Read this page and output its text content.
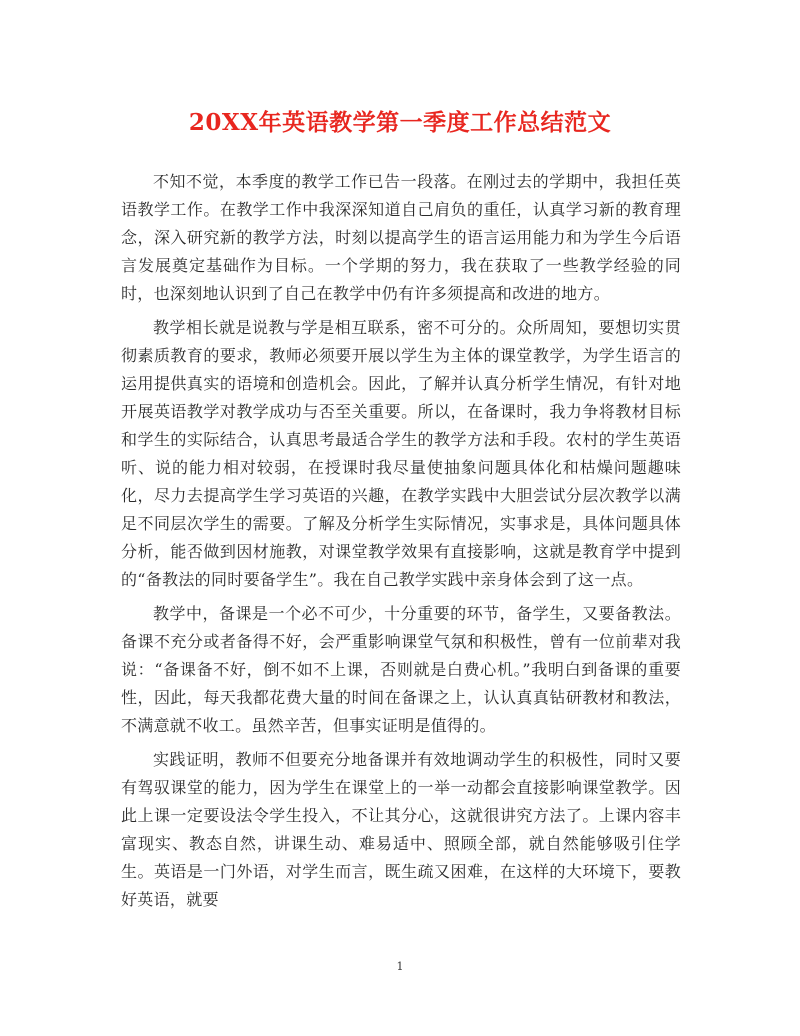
20XX年英语教学第一季度工作总结范文

不知不觉，本季度的教学工作已告一段落。在刚过去的学期中，我担任英语教学工作。在教学工作中我深深知道自己肩负的重任，认真学习新的教育理念，深入研究新的教学方法，时刻以提高学生的语言运用能力和为学生今后语言发展奠定基础作为目标。一个学期的努力，我在获取了一些教学经验的同时，也深刻地认识到了自己在教学中仍有许多须提高和改进的地方。

教学相长就是说教与学是相互联系，密不可分的。众所周知，要想切实贯彻素质教育的要求，教师必须要开展以学生为主体的课堂教学，为学生语言的运用提供真实的语境和创造机会。因此，了解并认真分析学生情况，有针对地开展英语教学对教学成功与否至关重要。所以，在备课时，我力争将教材目标和学生的实际结合，认真思考最适合学生的教学方法和手段。农村的学生英语听、说的能力相对较弱，在授课时我尽量使抽象问题具体化和枯燥问题趣味化，尽力去提高学生学习英语的兴趣，在教学实践中大胆尝试分层次教学以满足不同层次学生的需要。了解及分析学生实际情况，实事求是，具体问题具体分析，能否做到因材施教，对课堂教学效果有直接影响，这就是教育学中提到的“备教法的同时要备学生”。我在自己教学实践中亲身体会到了这一点。

教学中，备课是一个必不可少，十分重要的环节，备学生，又要备教法。备课不充分或者备得不好，会严重影响课堂气氛和积极性，曾有一位前辈对我说：“备课备不好，倒不如不上课，否则就是白费心机。”我明白到备课的重要性，因此，每天我都花费大量的时间在备课之上，认认真真钻研教材和教法，不满意就不收工。虽然辛苦，但事实证明是值得的。

实践证明，教师不但要充分地备课并有效地调动学生的积极性，同时又要有驾驭课堂的能力，因为学生在课堂上的一举一动都会直接影响课堂教学。因此上课一定要设法令学生投入，不让其分心，这就很讲究方法了。上课内容丰富现实、教态自然，讲课生动、难易适中、照顾全部，就自然能够吸引住学生。英语是一门外语，对学生而言，既生疏又困难，在这样的大环境下，要教好英语，就要

1
